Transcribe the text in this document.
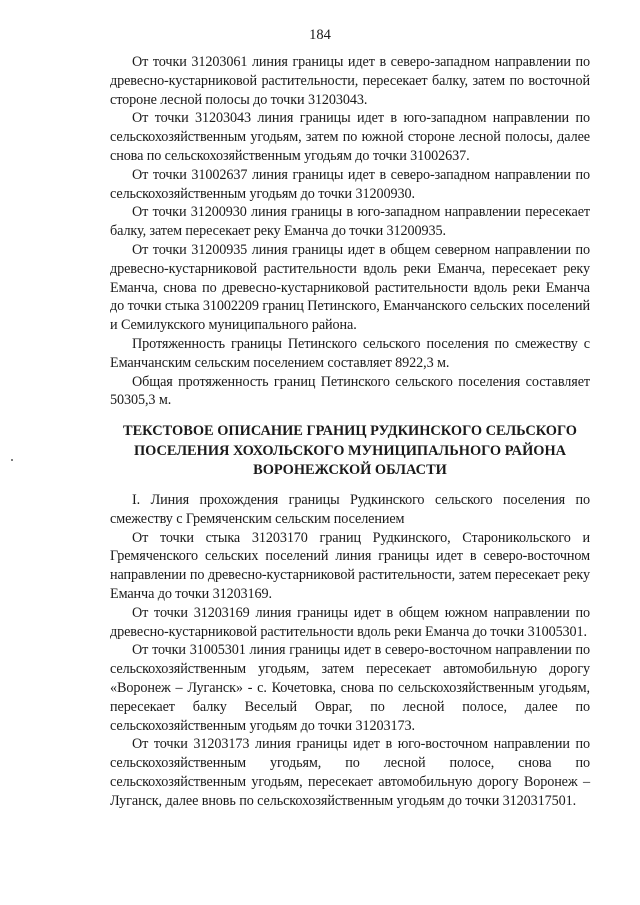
184

От точки 31203061 линия границы идет в северо-западном направлении по древесно-кустарниковой растительности, пересекает балку, затем по восточной стороне лесной полосы до точки 31203043.

От точки 31203043 линия границы идет в юго-западном направлении по сельскохозяйственным угодьям, затем по южной стороне лесной полосы, далее снова по сельскохозяйственным угодьям до точки 31002637.

От точки 31002637 линия границы идет в северо-западном направлении по сельскохозяйственным угодьям до точки 31200930.

От точки 31200930 линия границы в юго-западном направлении пересекает балку, затем пересекает реку Еманча до точки 31200935.

От точки 31200935 линия границы идет в общем северном направлении по древесно-кустарниковой растительности вдоль реки Еманча, пересекает реку Еманча, снова по древесно-кустарниковой растительности вдоль реки Еманча до точки стыка 31002209 границ Петинского, Еманчанского сельских поселений и Семилукского муниципального района.

Протяженность границы Петинского сельского поселения по смежеству с Еманчанским сельским поселением составляет 8922,3 м.

Общая протяженность границ Петинского сельского поселения составляет 50305,3 м.

ТЕКСТОВОЕ ОПИСАНИЕ ГРАНИЦ РУДКИНСКОГО СЕЛЬСКОГО
ПОСЕЛЕНИЯ ХОХОЛЬСКОГО МУНИЦИПАЛЬНОГО РАЙОНА
ВОРОНЕЖСКОЙ ОБЛАСТИ

I. Линия прохождения границы Рудкинского сельского поселения по смежеству с Гремяченским сельским поселением

От точки стыка 31203170 границ Рудкинского, Староникольского и Гремяченского сельских поселений линия границы идет в северо-восточном направлении по древесно-кустарниковой растительности, затем пересекает реку Еманча до точки 31203169.

От точки 31203169 линия границы идет в общем южном направлении по древесно-кустарниковой растительности вдоль реки Еманча до точки 31005301.

От точки 31005301 линия границы идет в северо-восточном направлении по сельскохозяйственным угодьям, затем пересекает автомобильную дорогу «Воронеж – Луганск» - с. Кочетовка, снова по сельскохозяйственным угодьям, пересекает балку Веселый Овраг, по лесной полосе, далее по сельскохозяйственным угодьям до точки 31203173.

От точки 31203173 линия границы идет в юго-восточном направлении по сельскохозяйственным угодьям, по лесной полосе, снова по сельскохозяйственным угодьям, пересекает автомобильную дорогу Воронеж – Луганск, далее вновь по сельскохозяйственным угодьям до точки 3120317501.
